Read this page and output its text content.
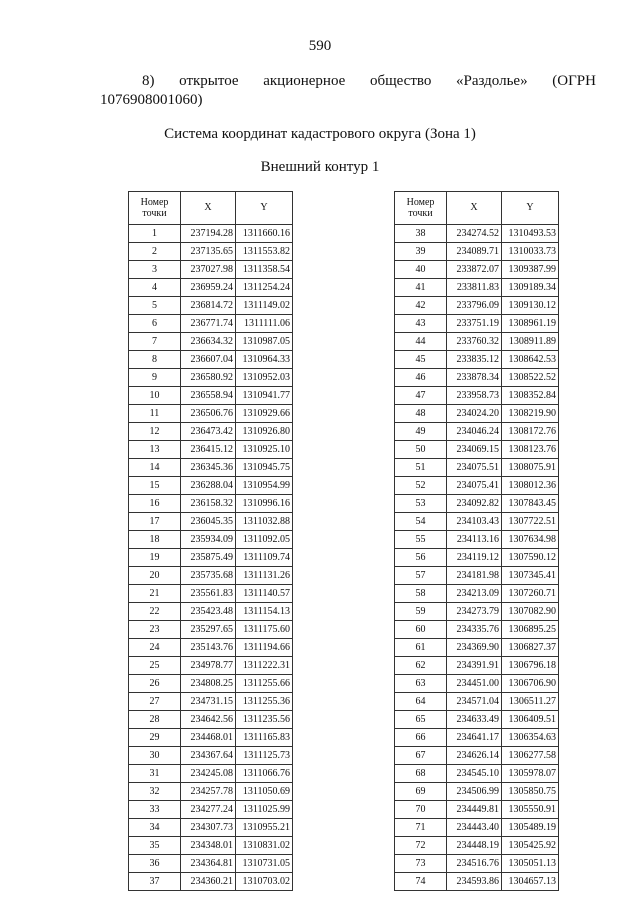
590
8) открытое акционерное общество «Раздолье» (ОГРН
1076908001060)
Система координат кадастрового округа (Зона 1)
Внешний контур 1
Номер
точки	X	Y
1	237194.28	1311660.16
2	237135.65	1311553.82
3	237027.98	1311358.54
4	236959.24	1311254.24
5	236814.72	1311149.02
6	236771.74	1311111.06
7	236634.32	1310987.05
8	236607.04	1310964.33
9	236580.92	1310952.03
10	236558.94	1310941.77
11	236506.76	1310929.66
12	236473.42	1310926.80
13	236415.12	1310925.10
14	236345.36	1310945.75
15	236288.04	1310954.99
16	236158.32	1310996.16
17	236045.35	1311032.88
18	235934.09	1311092.05
19	235875.49	1311109.74
20	235735.68	1311131.26
21	235561.83	1311140.57
22	235423.48	1311154.13
23	235297.65	1311175.60
24	235143.76	1311194.66
25	234978.77	1311222.31
26	234808.25	1311255.66
27	234731.15	1311255.36
28	234642.56	1311235.56
29	234468.01	1311165.83
30	234367.64	1311125.73
31	234245.08	1311066.76
32	234257.78	1311050.69
33	234277.24	1311025.99
34	234307.73	1310955.21
35	234348.01	1310831.02
36	234364.81	1310731.05
37	234360.21	1310703.02
Номер
точки	X	Y
38	234274.52	1310493.53
39	234089.71	1310033.73
40	233872.07	1309387.99
41	233811.83	1309189.34
42	233796.09	1309130.12
43	233751.19	1308961.19
44	233760.32	1308911.89
45	233835.12	1308642.53
46	233878.34	1308522.52
47	233958.73	1308352.84
48	234024.20	1308219.90
49	234046.24	1308172.76
50	234069.15	1308123.76
51	234075.51	1308075.91
52	234075.41	1308012.36
53	234092.82	1307843.45
54	234103.43	1307722.51
55	234113.16	1307634.98
56	234119.12	1307590.12
57	234181.98	1307345.41
58	234213.09	1307260.71
59	234273.79	1307082.90
60	234335.76	1306895.25
61	234369.90	1306827.37
62	234391.91	1306796.18
63	234451.00	1306706.90
64	234571.04	1306511.27
65	234633.49	1306409.51
66	234641.17	1306354.63
67	234626.14	1306277.58
68	234545.10	1305978.07
69	234506.99	1305850.75
70	234449.81	1305550.91
71	234443.40	1305489.19
72	234448.19	1305425.92
73	234516.76	1305051.13
74	234593.86	1304657.13
